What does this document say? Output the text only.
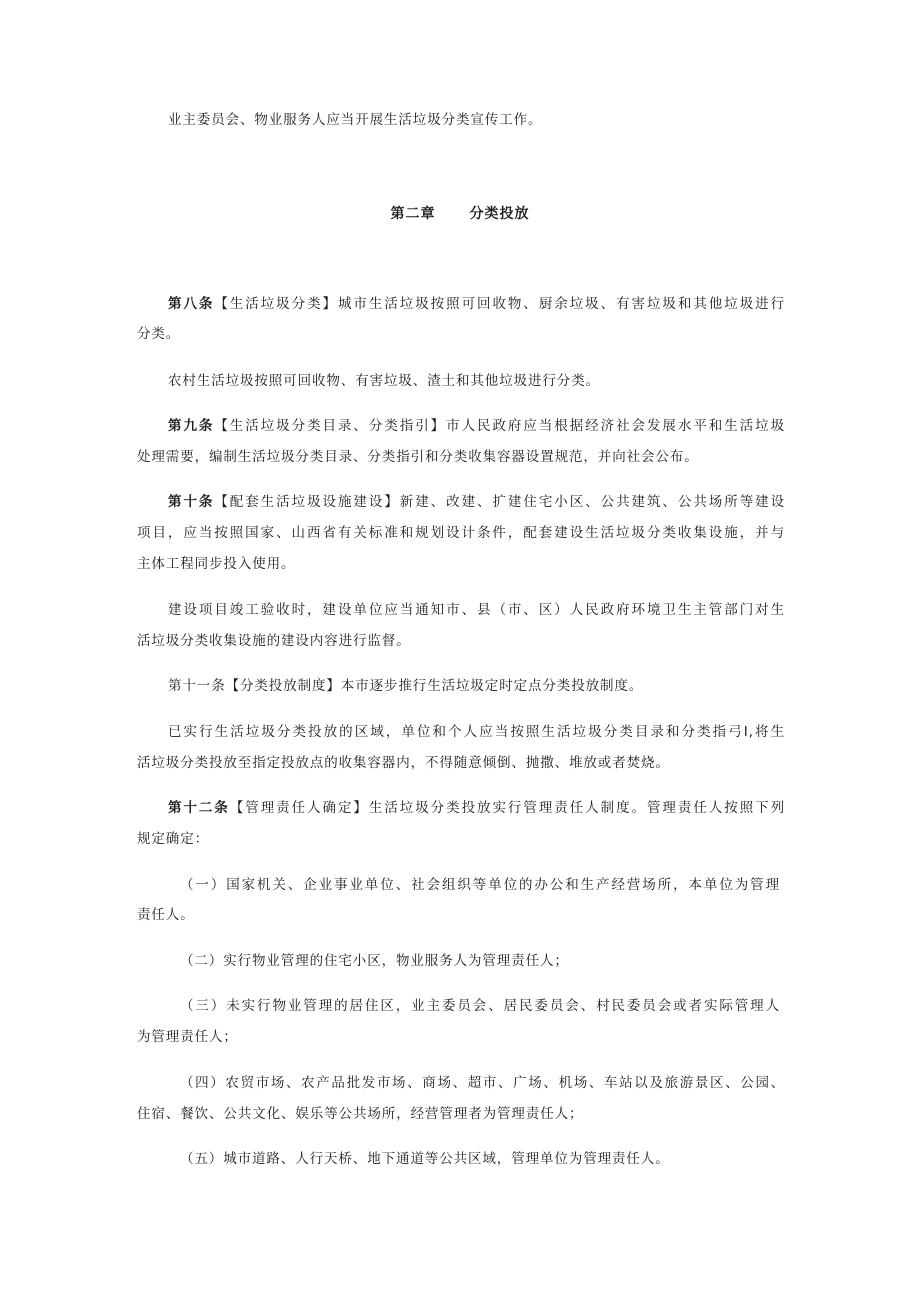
业主委员会、物业服务人应当开展生活垃圾分类宣传工作。
第二章 分类投放
第八条【生活垃圾分类】城市生活垃圾按照可回收物、厨余垃圾、有害垃圾和其他垃圾进行
分类。
农村生活垃圾按照可回收物、有害垃圾、渣土和其他垃圾进行分类。
第九条【生活垃圾分类目录、分类指引】市人民政府应当根据经济社会发展水平和生活垃圾
处理需要，编制生活垃圾分类目录、分类指引和分类收集容器设置规范，并向社会公布。
第十条【配套生活垃圾设施建设】新建、改建、扩建住宅小区、公共建筑、公共场所等建设
项目，应当按照国家、山西省有关标准和规划设计条件，配套建设生活垃圾分类收集设施，并与
主体工程同步投入使用。
建设项目竣工验收时，建设单位应当通知市、县（市、区）人民政府环境卫生主管部门对生
活垃圾分类收集设施的建设内容进行监督。
第十一条【分类投放制度】本市逐步推行生活垃圾定时定点分类投放制度。
已实行生活垃圾分类投放的区域，单位和个人应当按照生活垃圾分类目录和分类指弓I,将生
活垃圾分类投放至指定投放点的收集容器内，不得随意倾倒、抛撒、堆放或者焚烧。
第十二条【管理责任人确定】生活垃圾分类投放实行管理责任人制度。管理责任人按照下列
规定确定：
（一）国家机关、企业事业单位、社会组织等单位的办公和生产经营场所，本单位为管理
责任人。
（二）实行物业管理的住宅小区，物业服务人为管理责任人；
（三）未实行物业管理的居住区，业主委员会、居民委员会、村民委员会或者实际管理人
为管理责任人；
（四）农贸市场、农产品批发市场、商场、超市、广场、机场、车站以及旅游景区、公园、
住宿、餐饮、公共文化、娱乐等公共场所，经营管理者为管理责任人；
（五）城市道路、人行天桥、地下通道等公共区域，管理单位为管理责任人。
